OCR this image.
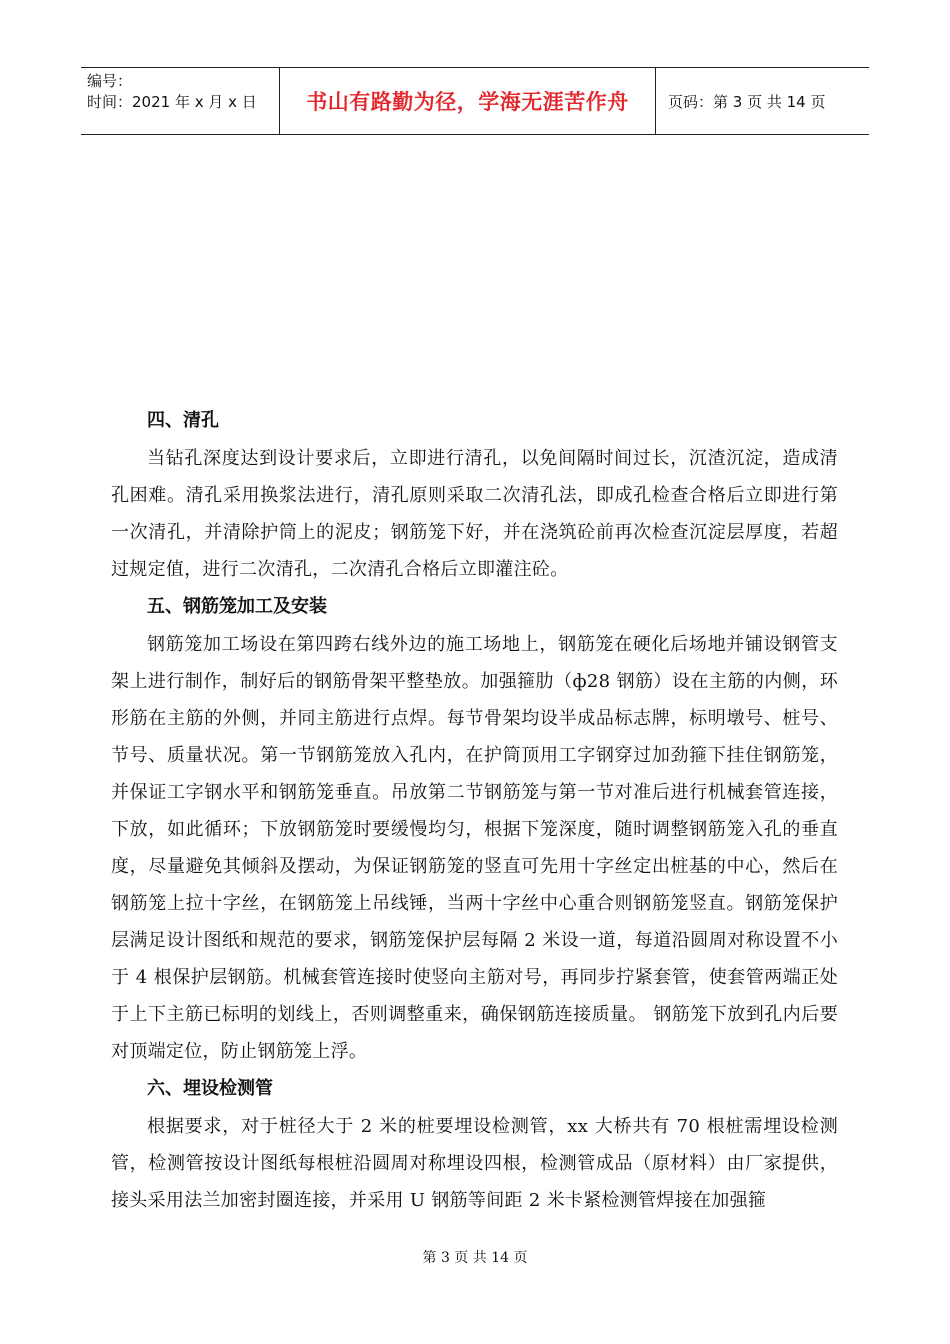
编号：
时间：2021 年 x 月 x 日	书山有路勤为径，学海无涯苦作舟	页码：第 3 页 共 14 页
四、清孔

当钻孔深度达到设计要求后，立即进行清孔，以免间隔时间过长，沉渣沉淀，造成清孔困难。清孔采用换浆法进行，清孔原则采取二次清孔法，即成孔检查合格后立即进行第一次清孔，并清除护筒上的泥皮；钢筋笼下好，并在浇筑砼前再次检查沉淀层厚度，若超过规定值，进行二次清孔，二次清孔合格后立即灌注砼。

五、钢筋笼加工及安装

钢筋笼加工场设在第四跨右线外边的施工场地上，钢筋笼在硬化后场地并铺设钢管支架上进行制作，制好后的钢筋骨架平整垫放。加强箍肋（ф28 钢筋）设在主筋的内侧，环形筋在主筋的外侧，并同主筋进行点焊。每节骨架均设半成品标志牌，标明墩号、桩号、节号、质量状况。第一节钢筋笼放入孔内，在护筒顶用工字钢穿过加劲箍下挂住钢筋笼，并保证工字钢水平和钢筋笼垂直。吊放第二节钢筋笼与第一节对准后进行机械套管连接，下放，如此循环；下放钢筋笼时要缓慢均匀，根据下笼深度，随时调整钢筋笼入孔的垂直度，尽量避免其倾斜及摆动，为保证钢筋笼的竖直可先用十字丝定出桩基的中心，然后在钢筋笼上拉十字丝，在钢筋笼上吊线锤，当两十字丝中心重合则钢筋笼竖直。钢筋笼保护层满足设计图纸和规范的要求，钢筋笼保护层每隔 2 米设一道，每道沿圆周对称设置不小于 4 根保护层钢筋。机械套管连接时使竖向主筋对号，再同步拧紧套管，使套管两端正处于上下主筋已标明的划线上，否则调整重来，确保钢筋连接质量。 钢筋笼下放到孔内后要对顶端定位，防止钢筋笼上浮。

六、埋设检测管

根据要求，对于桩径大于 2 米的桩要埋设检测管，xx 大桥共有 70 根桩需埋设检测管，检测管按设计图纸每根桩沿圆周对称埋设四根，检测管成品（原材料）由厂家提供，接头采用法兰加密封圈连接，并采用 U 钢筋等间距 2 米卡紧检测管焊接在加强箍

第 3 页 共 14 页
